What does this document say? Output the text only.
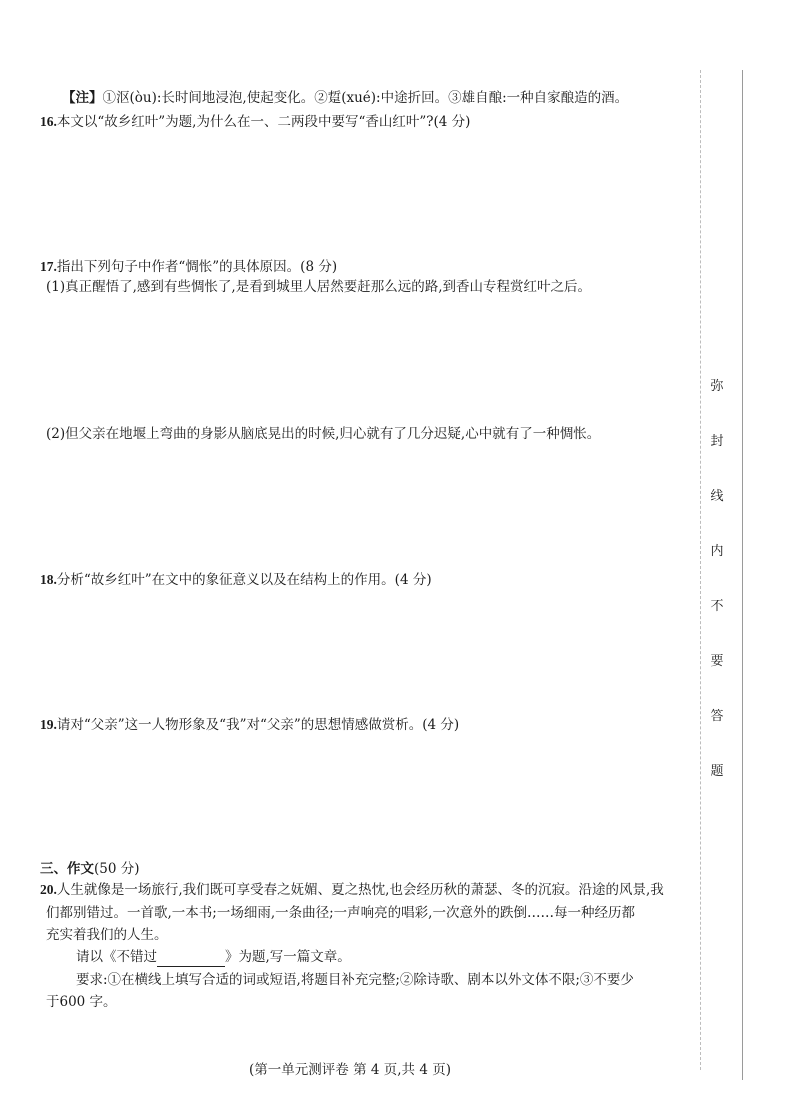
【注】①沤(òu):长时间地浸泡,使起变化。②踅(xué):中途折回。③雄自酿:一种自家酿造的酒。
16.本文以“故乡红叶”为题,为什么在一、二两段中要写“香山红叶”?(4 分)
17.指出下列句子中作者“惆怅”的具体原因。(8 分)
(1)真正醒悟了,感到有些惆怅了,是看到城里人居然要赶那么远的路,到香山专程赏红叶之后。
(2)但父亲在地堰上弯曲的身影从脑底晃出的时候,归心就有了几分迟疑,心中就有了一种惆怅。
18.分析“故乡红叶”在文中的象征意义以及在结构上的作用。(4 分)
19.请对“父亲”这一人物形象及“我”对“父亲”的思想情感做赏析。(4 分)
三、作文(50 分)
20.人生就像是一场旅行,我们既可享受春之妩媚、夏之热忱,也会经历秋的萧瑟、冬的沉寂。沿途的风景,我
们都别错过。一首歌,一本书;一场细雨,一条曲径;一声响亮的唱彩,一次意外的跌倒……每一种经历都
充实着我们的人生。
请以《不错过	》为题,写一篇文章。
要求:①在横线上填写合适的词或短语,将题目补充完整;②除诗歌、剧本以外文体不限;③不要少
于600 字。
弥
封
线
内
不
要
答
题
(第一单元测评卷 第 4 页,共 4 页)
